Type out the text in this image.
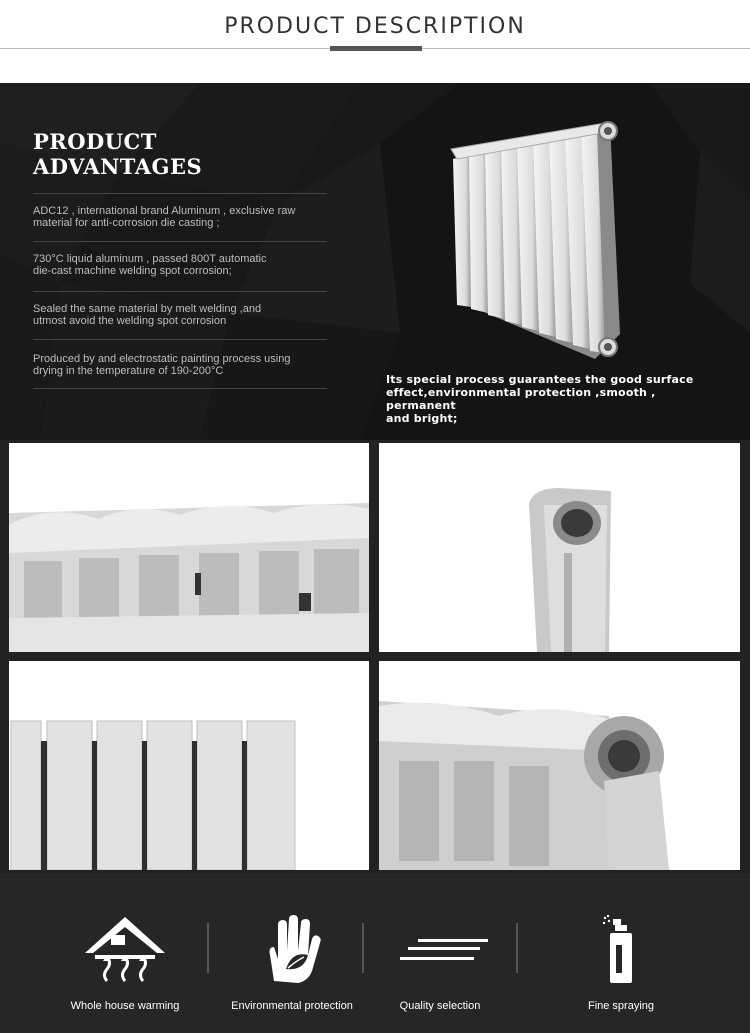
PRODUCT DESCRIPTION
PRODUCT
ADVANTAGES
ADC12 , international brand Aluminum , exclusive raw
material for anti-corrosion die casting ;
730°C liquid aluminum , passed 800T automatic
die-cast machine welding spot corrosion;
Sealed the same material by melt welding ,and
utmost avoid the welding spot corrosion
Produced by and electrostatic painting process using
drying in the temperature of 190-200°C
Its special process guarantees the good surface
effect,environmental protection ,smooth , permanent
and bright;
Whole house warming	Environmental protection	Quality selection	Fine spraying
